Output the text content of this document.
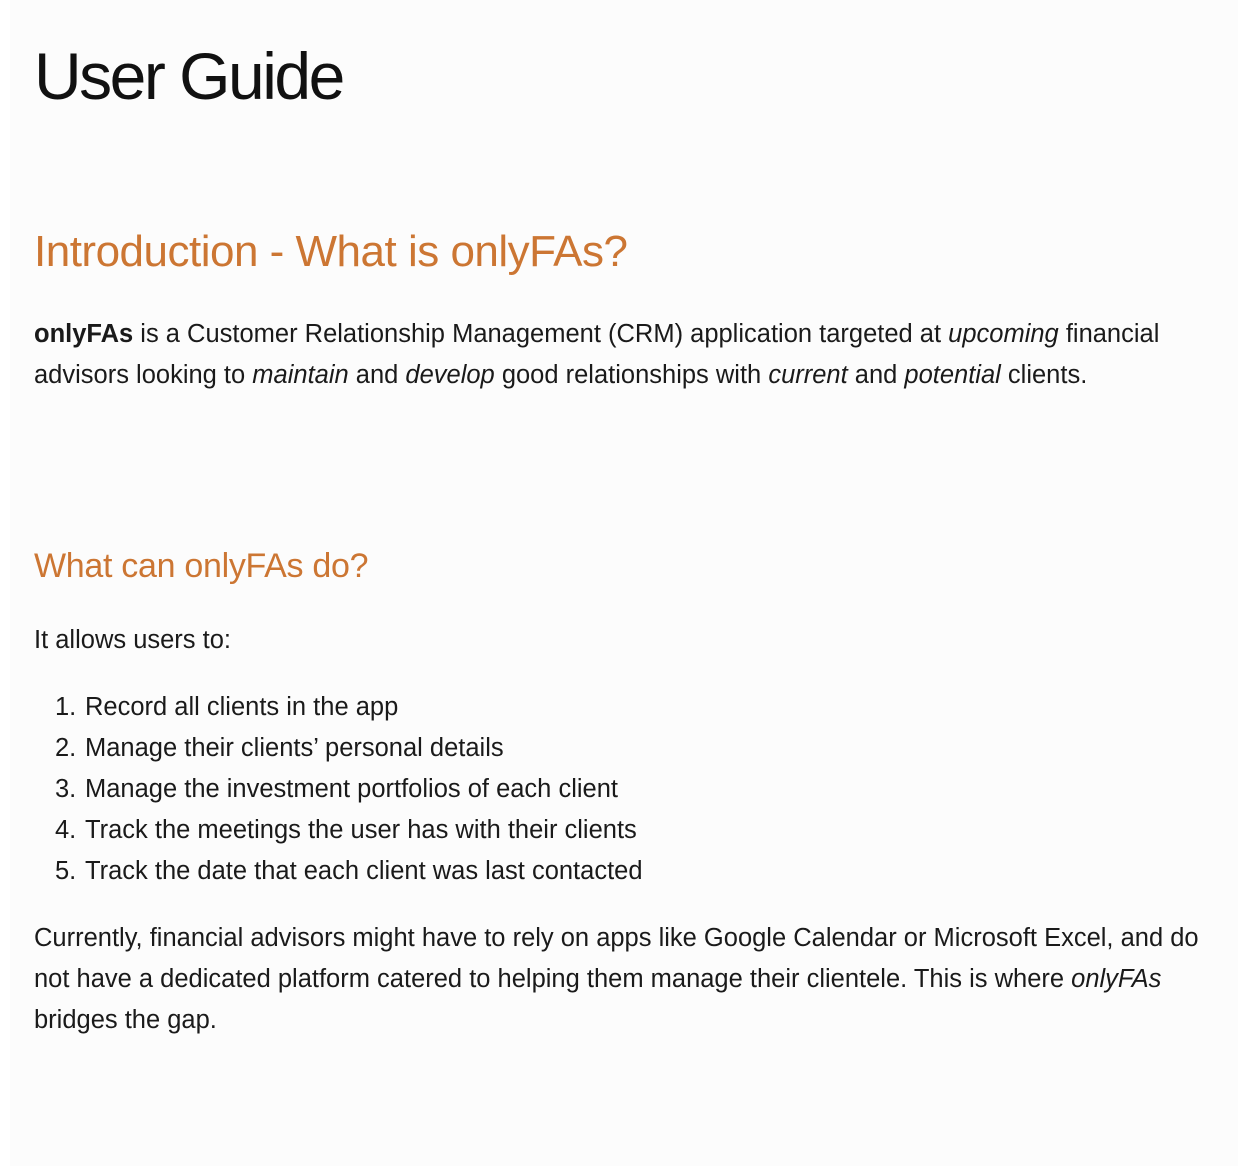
User Guide
Introduction - What is onlyFAs?

onlyFAs is a Customer Relationship Management (CRM) application targeted at upcoming financial advisors looking to maintain and develop good relationships with current and potential clients.

What can onlyFAs do?

It allows users to:

1. Record all clients in the app
2. Manage their clients’ personal details
3. Manage the investment portfolios of each client
4. Track the meetings the user has with their clients
5. Track the date that each client was last contacted

Currently, financial advisors might have to rely on apps like Google Calendar or Microsoft Excel, and do not have a dedicated platform catered to helping them manage their clientele. This is where onlyFAs bridges the gap.
